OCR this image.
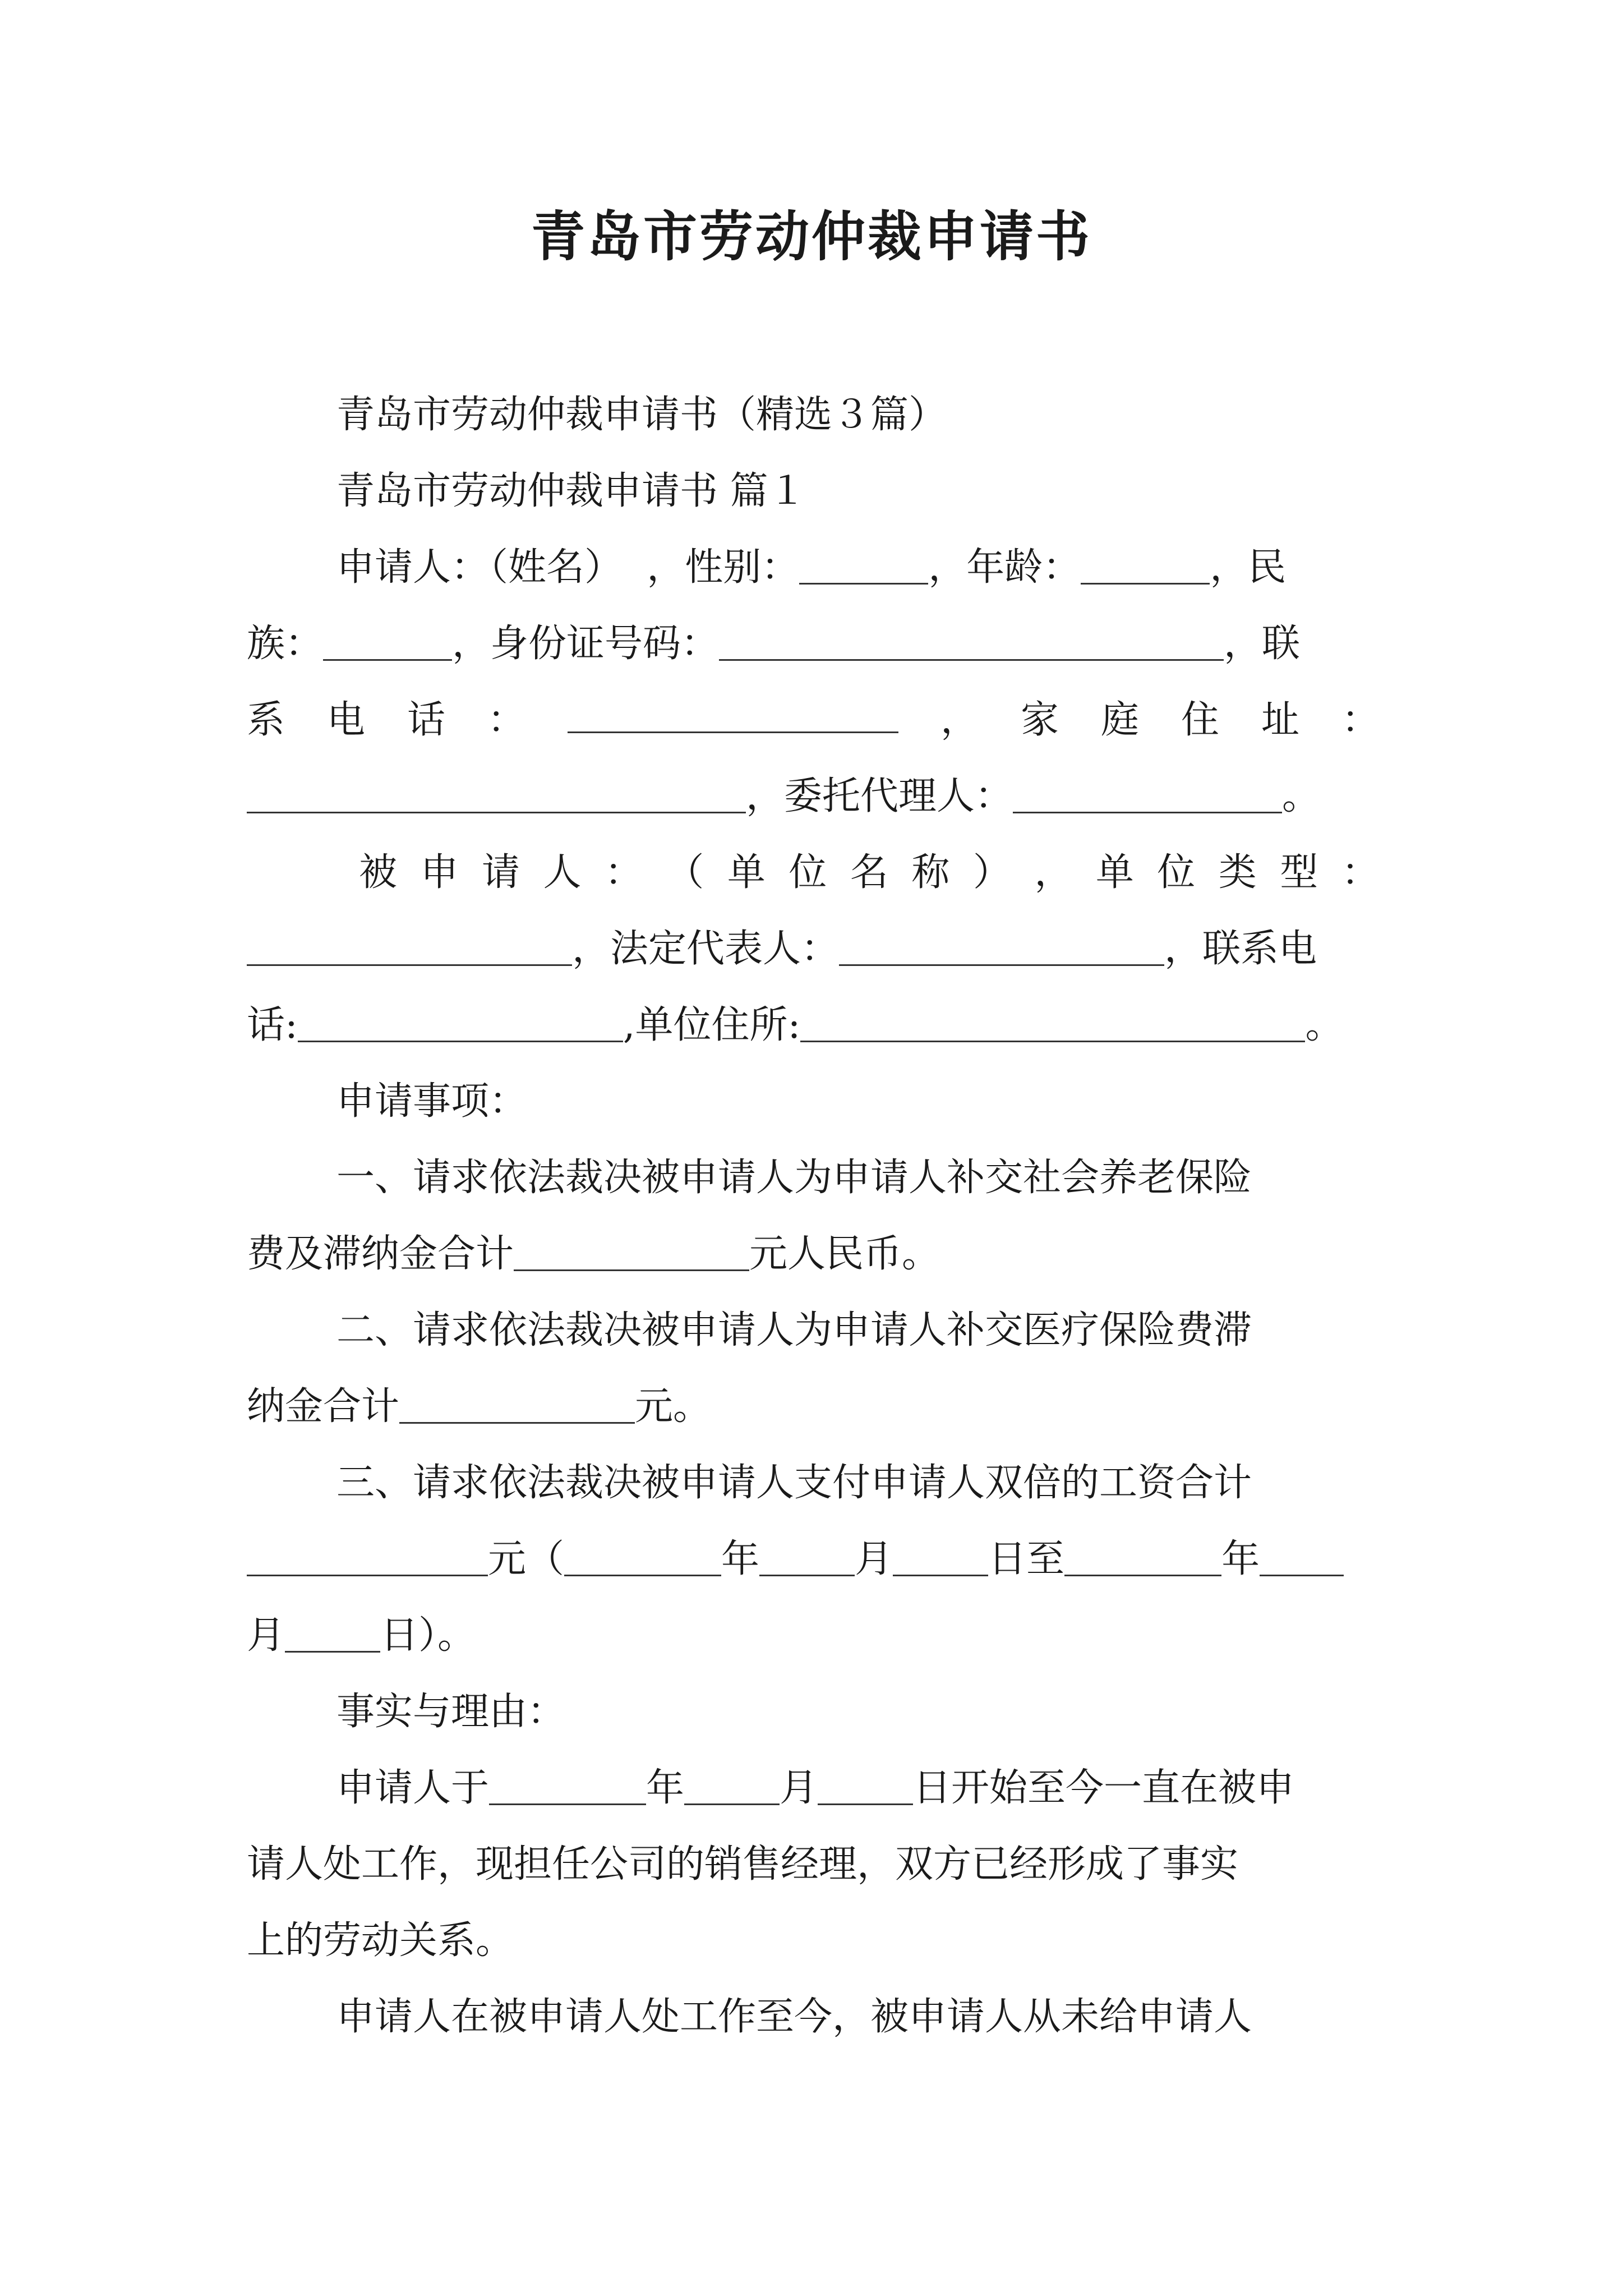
青岛市劳动仲裁申请书
青岛市劳动仲裁申请书（精选３篇）
青岛市劳动仲裁申请书 篇１
申请人：（姓名）  ，性别：	，年龄：	，民
族：	，身份证号码：	，联
系 电 话 ：	， 家 庭 住 址 ：
，委托代理人：	。
被 申 请 人 ： （ 单 位 名 称 ） ， 单 位 类 型 ：
，法定代表人：	，联系电
话:	,单位住所:	。
申请事项：
一、请求依法裁决被申请人为申请人补交社会养老保险
费及滞纳金合计	元人民币。
二、请求依法裁决被申请人为申请人补交医疗保险费滞
纳金合计	元。
三、请求依法裁决被申请人支付申请人双倍的工资合计
元（	年	月	日至	年
月	日）。
事实与理由：
申请人于	年	月	日开始至今一直在被申
请人处工作，现担任公司的销售经理，双方已经形成了事实
上的劳动关系。
申请人在被申请人处工作至今，被申请人从未给申请人
